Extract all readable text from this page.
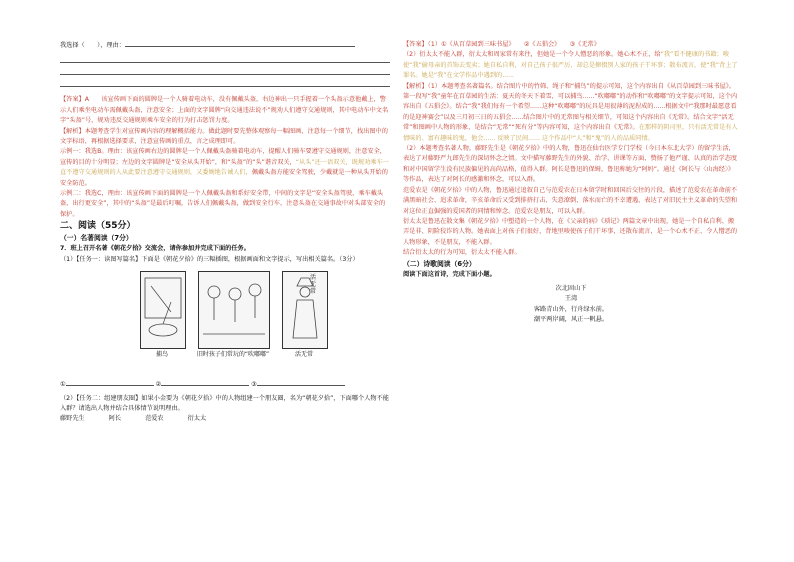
我选择（　　），理由：

【答案】A　　该宣传画下面的圆牌是一个人骑着电动车，没有佩戴头盔，右边神出一只手握着一个头盔示意他戴上，警示人们乘坐电动车需佩戴头盔，注意安全；上面的文字圆牌“向交通违法说不”规劝人们遵守交通规则，其中电动车中文名字“头盔”号，规劝违反交通规则乘车安全的行为打击惩罚力度。

【解析】本题考查学生对宣传画内容的理解概括能力。做此题时要先整体观察每一幅图画，注意每一个细节，找出图中的文字标语，再根据选择要求，注意宣传画的重点，言之成理即可。

示例一：我选B。理由：该宣传画右边的圆牌是一个人佩戴头盔骑着电动车，提醒人们骑车要遵守交通规则，注意安全，宣传的目的十分明显；左边的文字圆牌是“安全从头开始”，和“头盔”的“头”谐音双关，“从头”还一语双关，既规劝乘车一直不遵守交通规则的人从此要注意遵守交通规则，又委婉地告诫人们，佩戴头盔方能安全驾驶，少戴就是一种从头开始的安全防范。

示例二：我选C，理由：该宣传画下面的圆牌是一个人佩戴头盔和系好安全带，中间的文字是“安全头盔驾驶，乘车戴头盔，出行更安全”，其中的“头盔”是最后叮嘱，告诉人们佩戴头盔，做到安全行车，注意头盔在交通事故中对头部安全的保护。

二、阅读（55分）

（一）名著阅读（7分）

7．班上召开名著《朝花夕拾》交流会，请你参加并完成下面的任务。

（1）【任务一：读图写篇名】下面是《朝花夕拾》的三幅插图，根据画面和文字提示，写出相关篇名。（3分）

活无常
捕鸟	旧时孩子们常玩的“吹嘟嘟”	活无常

①	②	③

（2）【任务二：组建朋友圈】如果小金要为《朝花夕拾》中的人物组建一个朋友圈，名为“朝花夕拾”，下面哪个人物不能入群？请选出人物并结合具体情节说明理由。

藤野先生	阿长	范爱农	衍太太

【答案】（1）①《从百草园到三味书屋》　　②《五猖会》　　③《无常》

（2）衍太太不能入群，衍太太和周家常有来往，但她是一个令人憎恶的形象。她心术不正，给“我”看不健康的书籍；唆使“我”偷母亲的首饰去变卖；她自私自利，对自己孩子很严厉，却总是撺掇别人家的孩子干坏事；散布流言，使“我”背上了罪名。她是“我”在文学作品中遇到的......

【解析】（1）本题考查名著篇名。结合图片中的竹筛、绳子和“捕鸟”的提示可知，这个内容出自《从百草园到三味书屋》。第一段写“我”童年在百草园的生活：夏天的冬天下着雪，可以捕鸟......“吹嘟嘟”的动作和“吹嘟嘟”的文字提示可知，这个内容出自《五猖会》。结合“我”我们每有一个希望......这种“吹嘟嘟”的玩具是用很薄的泥捏成的......根据文中“我那时最愿意看的是迎神赛会”以及三月初三日的五猖会......结合图片中的无常图与相关细节，可知这个内容出自《无常》。结合文字“活无常”和图画中人物的形象，是结合“无常”“死有分”等内容可知，这个内容出自《无常》。在那样的阴司里，只有活无常是有人情味的、富有趣味的鬼，他会...... 反映了民间...... 这个作品中“人”和“鬼”的人的品质同情。

（2）本题考查名著人物。藤野先生是《朝花夕拾》中的人物，鲁迅在仙台医学专门学校（今日本东北大学）的留学生活，表达了对藤野严九郎先生的深切怀念之情。文中描写藤野先生的外貌、治学、讲课等方面，赞扬了他严谨、认真的治学态度和对中国留学生没有民族偏见的高尚品格，值得入群。阿长是鲁迅的保姆，鲁迅称她为“阿妈”。通过《阿长与〈山海经〉》等作品，表达了对阿长的感激和怀念，可以入群。

范爱农是《朝花夕拾》中的人物，鲁迅通过追叙自己与范爱农在日本留学时和回国后交往的片段，描述了范爱农在革命前不满黑暗社会、追求革命，辛亥革命后又受到排挤打击、失意潦倒、落水而亡的不幸遭遇，表达了对旧民主主义革命的失望和对这位正直倔强的爱国者的同情和悼念。范爱农是朋友，可以入群。

衍太太是鲁迅在散文集《朝花夕拾》中塑造的一个人物，在《父亲的病》《琐记》两篇文章中出现，她是一个自私自利、搬弄是非、阴险狡诈的人物。她表面上对孩子们很好，背地里唆使孩子们干坏事，还散布流言，是一个心术不正、令人憎恶的人物形象，不是朋友，不能入群。

结合衍太太的行为可知，衍太太不能入群。

（二）诗歌阅读（6分）

阅读下面这首诗，完成下面小题。

次北固山下

王湾

客路青山外，行舟绿水前。

潮平两岸阔，风正一帆悬。
